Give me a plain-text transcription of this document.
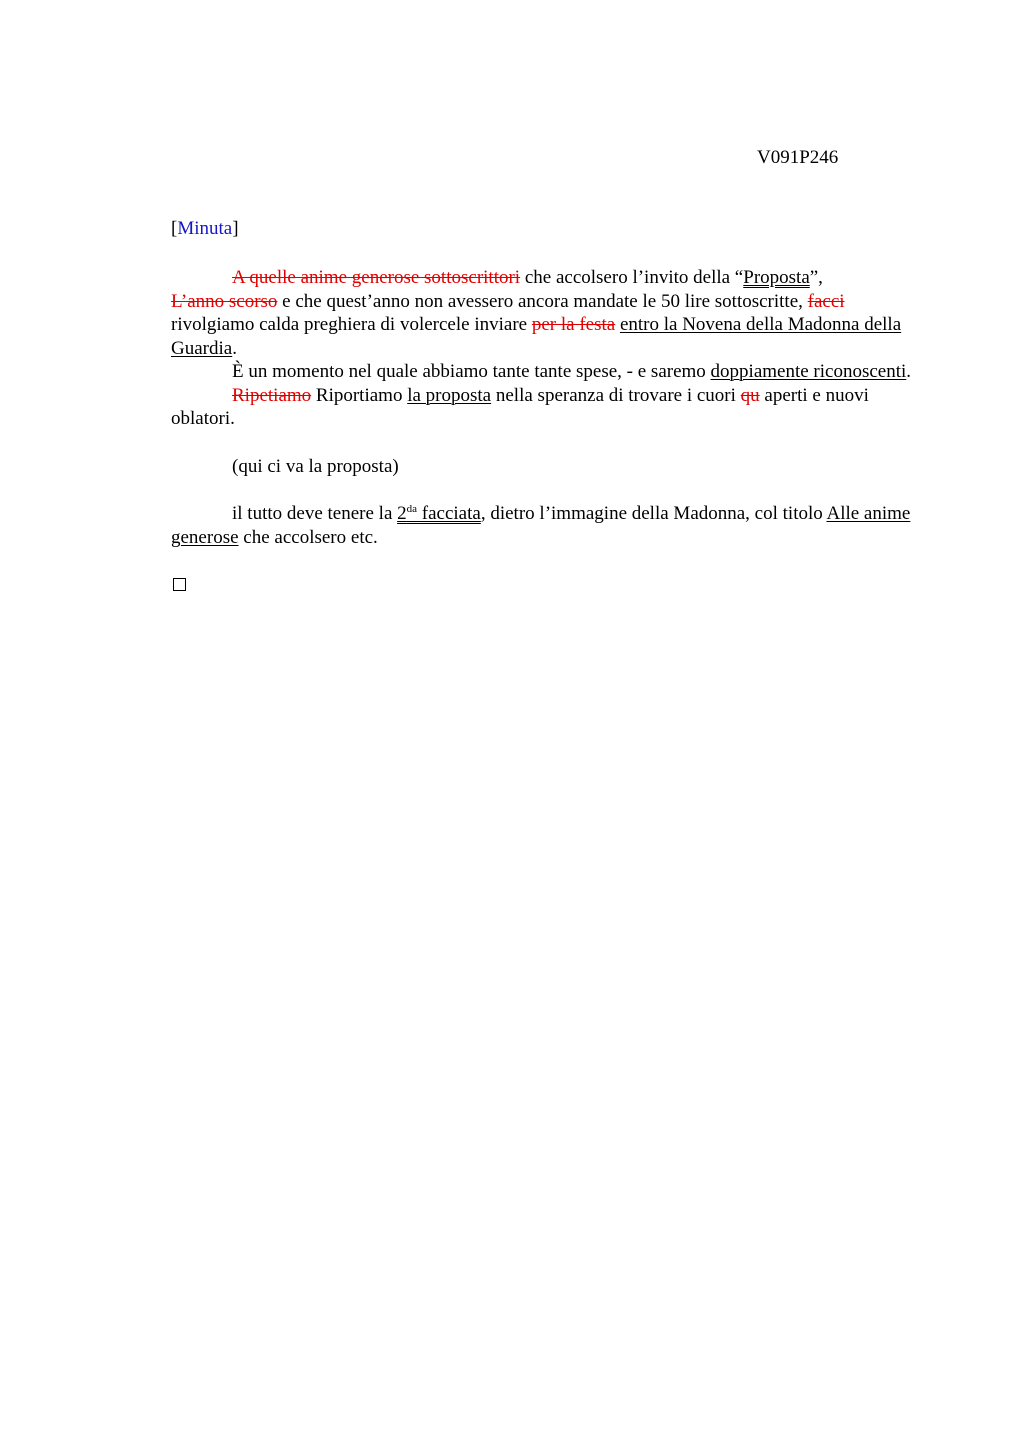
V091P246
[Minuta]

A quelle anime generose sottoscrittori che accolsero l’invito della “Proposta”,
L’anno scorso e che quest’anno non avessero ancora mandate le 50 lire sottoscritte, facci rivolgiamo calda preghiera di volercele inviare per la festa entro la Novena della Madonna della Guardia.

È un momento nel quale abbiamo tante tante spese, - e saremo doppiamente riconoscenti.

Ripetiamo Riportiamo la proposta nella speranza di trovare i cuori qu aperti e nuovi oblatori.

(qui ci va la proposta)

il tutto deve tenere la $2^{da}$ facciata, dietro l’immagine della Madonna, col titolo Alle anime generose che accolsero etc.
